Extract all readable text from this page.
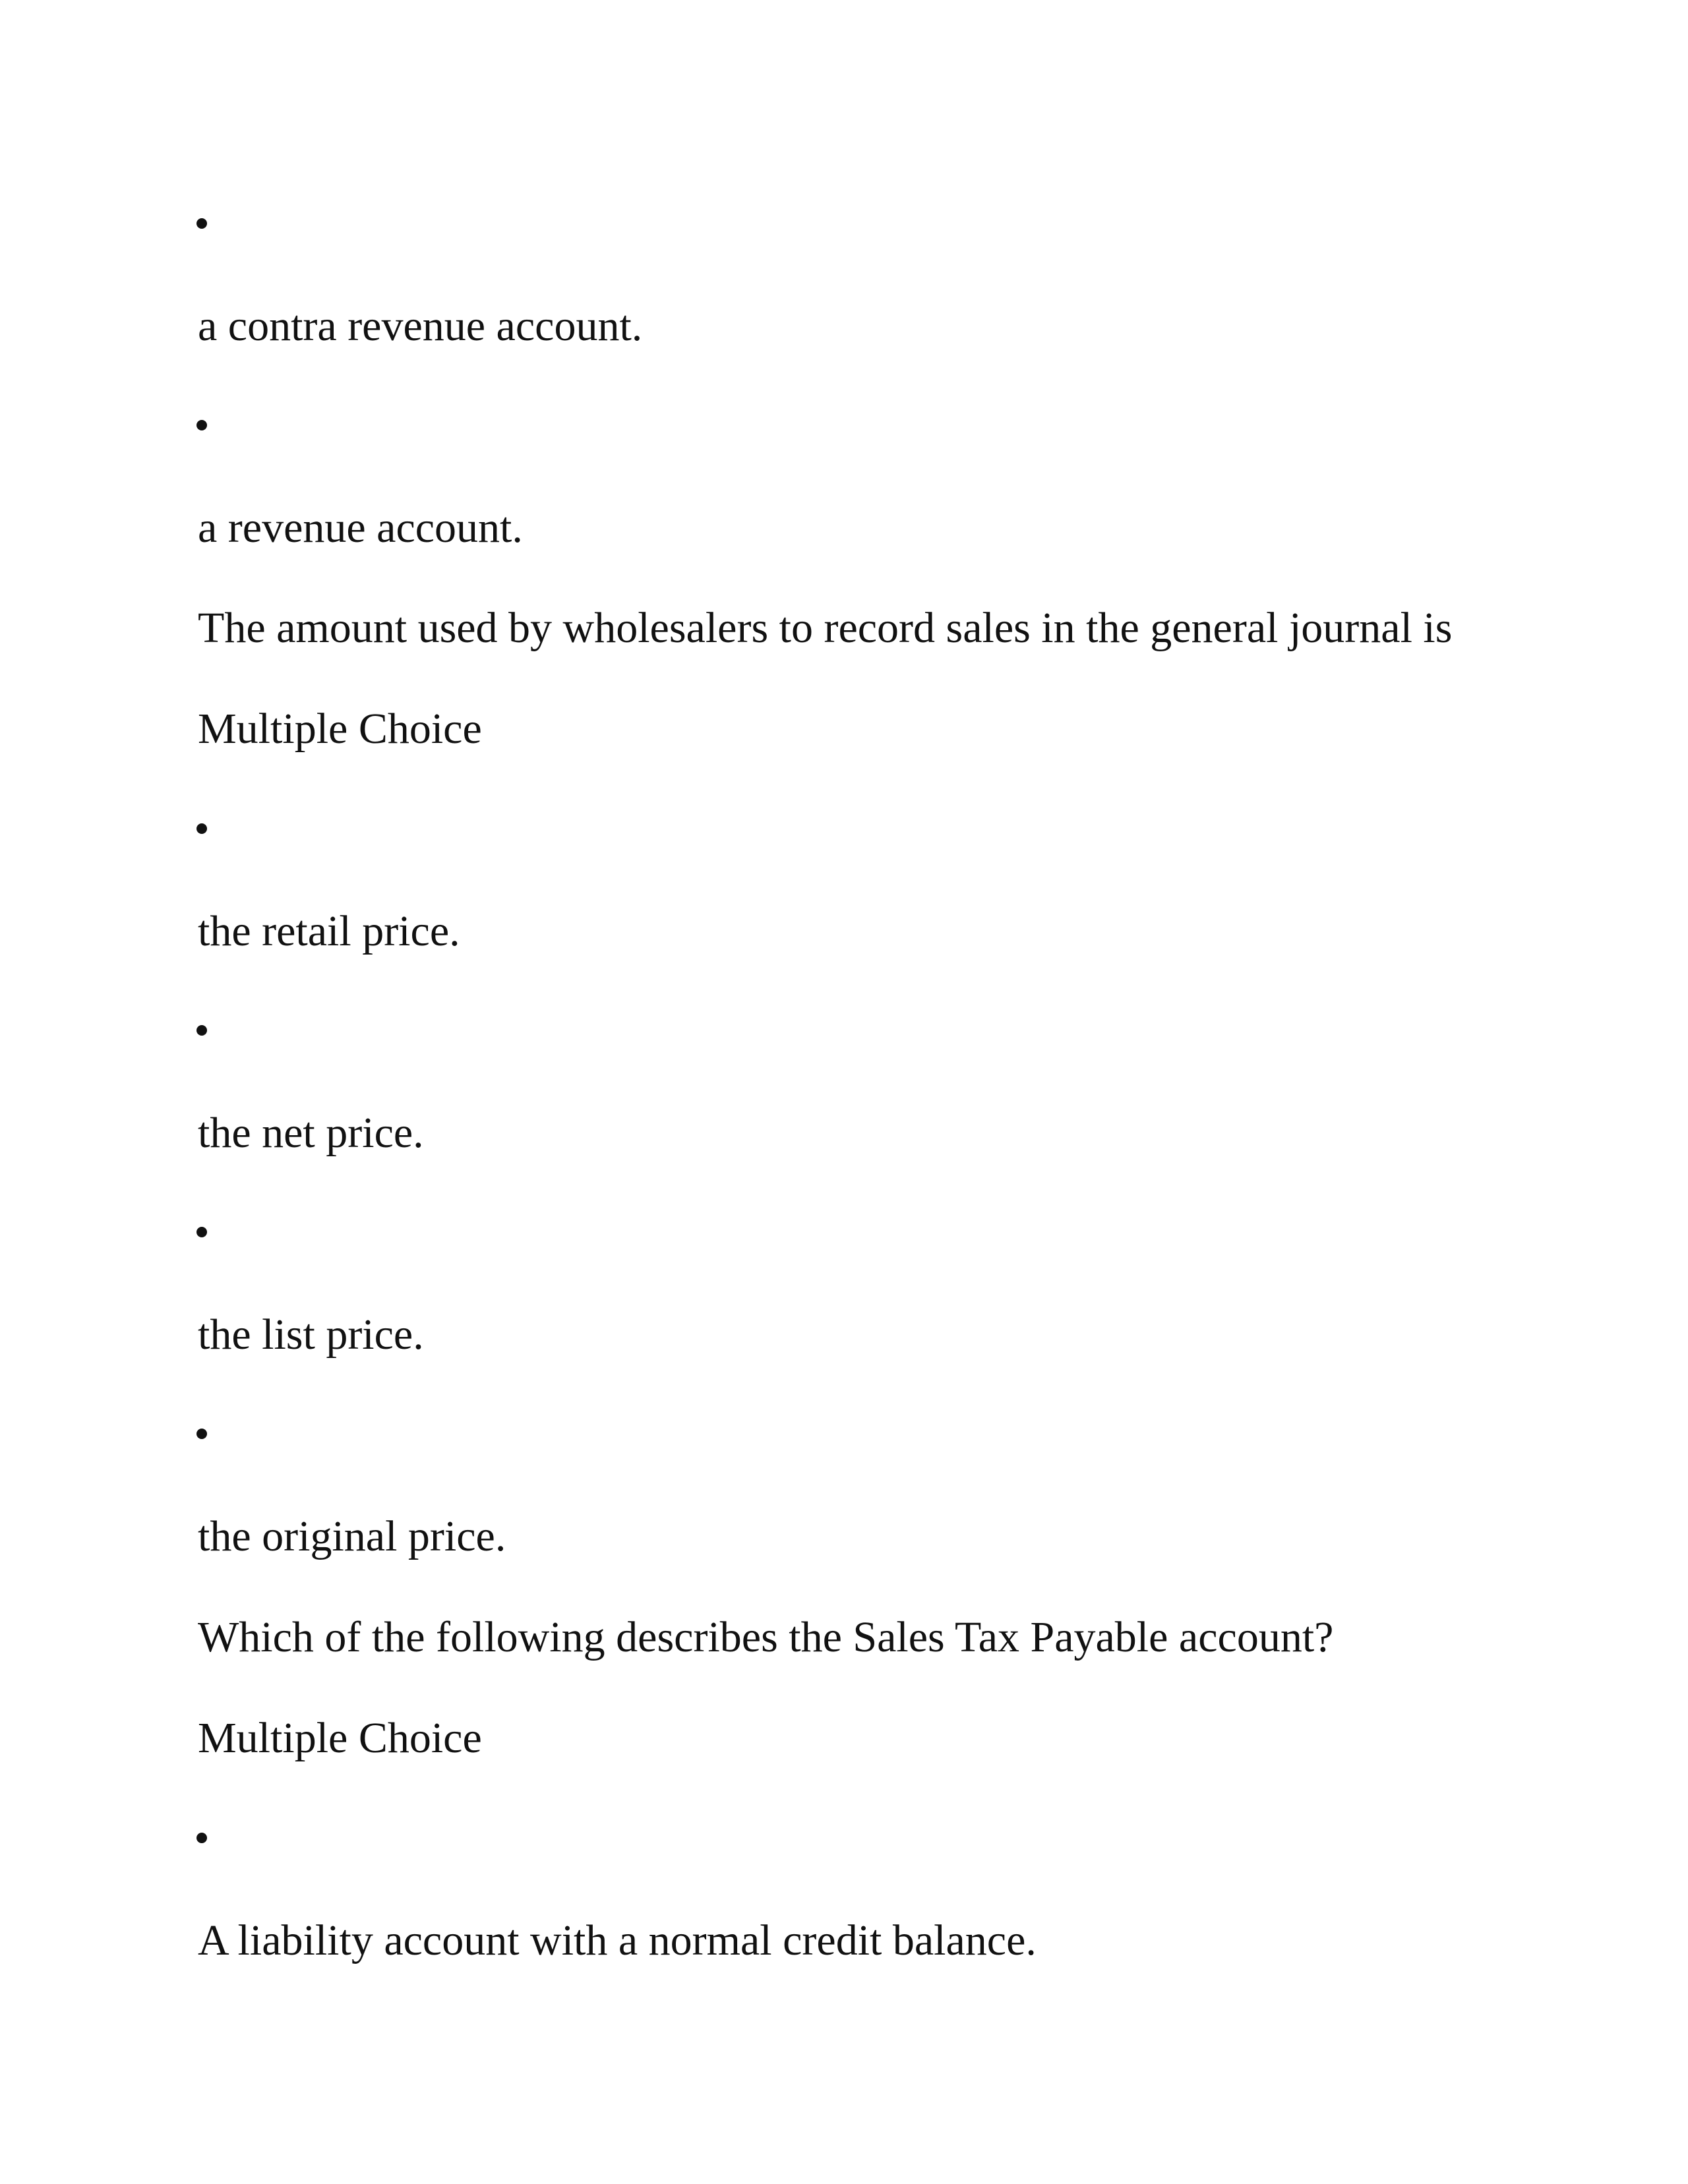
a contra revenue account.

a revenue account.

The amount used by wholesalers to record sales in the general journal is

Multiple Choice

the retail price.

the net price.

the list price.

the original price.

Which of the following describes the Sales Tax Payable account?

Multiple Choice

A liability account with a normal credit balance.
